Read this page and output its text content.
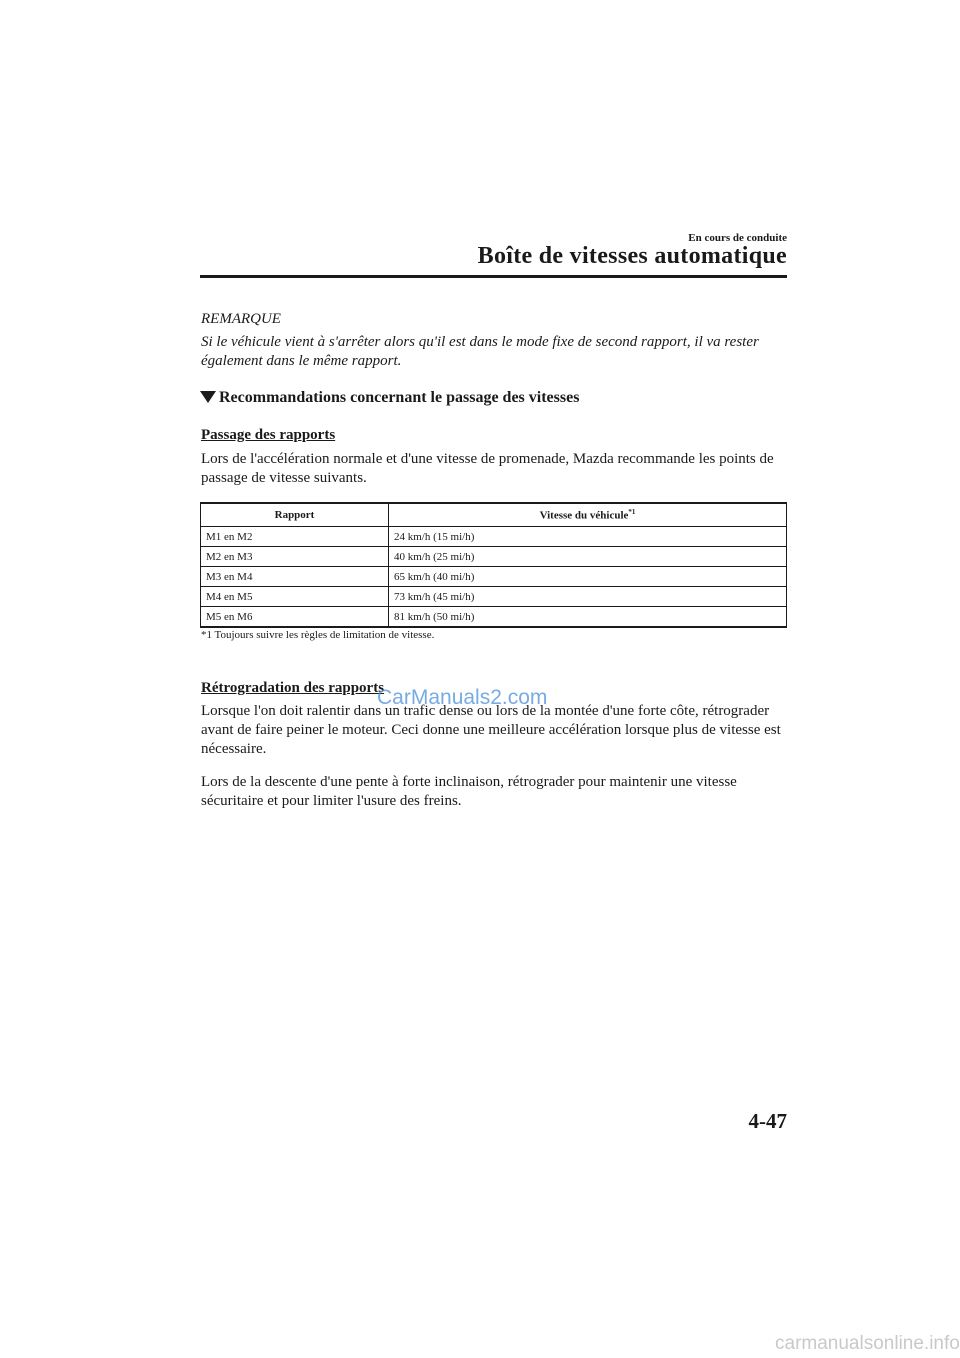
En cours de conduite
Boîte de vitesses automatique
REMARQUE
Si le véhicule vient à s'arrêter alors qu'il est dans le mode fixe de second rapport, il va rester également dans le même rapport.
Recommandations concernant le passage des vitesses
Passage des rapports
Lors de l'accélération normale et d'une vitesse de promenade, Mazda recommande les points de passage de vitesse suivants.
Rapport	Vitesse du véhicule$^{*1}$
M1 en M2	24 km/h (15 mi/h)
M2 en M3	40 km/h (25 mi/h)
M3 en M4	65 km/h (40 mi/h)
M4 en M5	73 km/h (45 mi/h)
M5 en M6	81 km/h (50 mi/h)
*1 Toujours suivre les règles de limitation de vitesse.
Rétrogradation des rapports
Lorsque l'on doit ralentir dans un trafic dense ou lors de la montée d'une forte côte, rétrograder avant de faire peiner le moteur. Ceci donne une meilleure accélération lorsque plus de vitesse est nécessaire.
Lors de la descente d'une pente à forte inclinaison, rétrograder pour maintenir une vitesse sécuritaire et pour limiter l'usure des freins.
4-47
CarManuals2.com
carmanualsonline.info
